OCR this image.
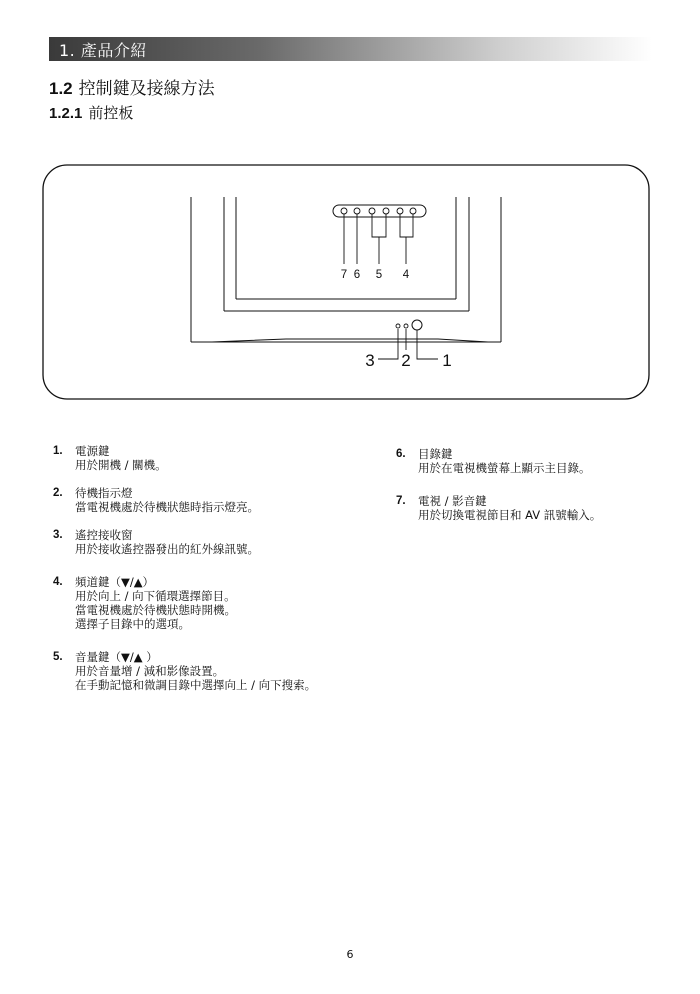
1. 產品介紹
1.2 控制鍵及接線方法
1.2.1 前控板
7 6 5 4
3 2 1
1. 電源鍵
用於開機 / 關機。
2. 待機指示燈
當電視機處於待機狀態時指示燈亮。
3. 遙控接收窗
用於接收遙控器發出的紅外線訊號。
4. 頻道鍵（▼/▲）
用於向上 / 向下循環選擇節目。
當電視機處於待機狀態時開機。
選擇子目錄中的選項。
5. 音量鍵（▼/▲ ）
用於音量增 / 減和影像設置。
在手動記憶和微調目錄中選擇向上 / 向下搜索。
6. 目錄鍵
用於在電視機螢幕上顯示主目錄。
7. 電視 / 影音鍵
用於切換電視節目和 AV 訊號輸入。
6
